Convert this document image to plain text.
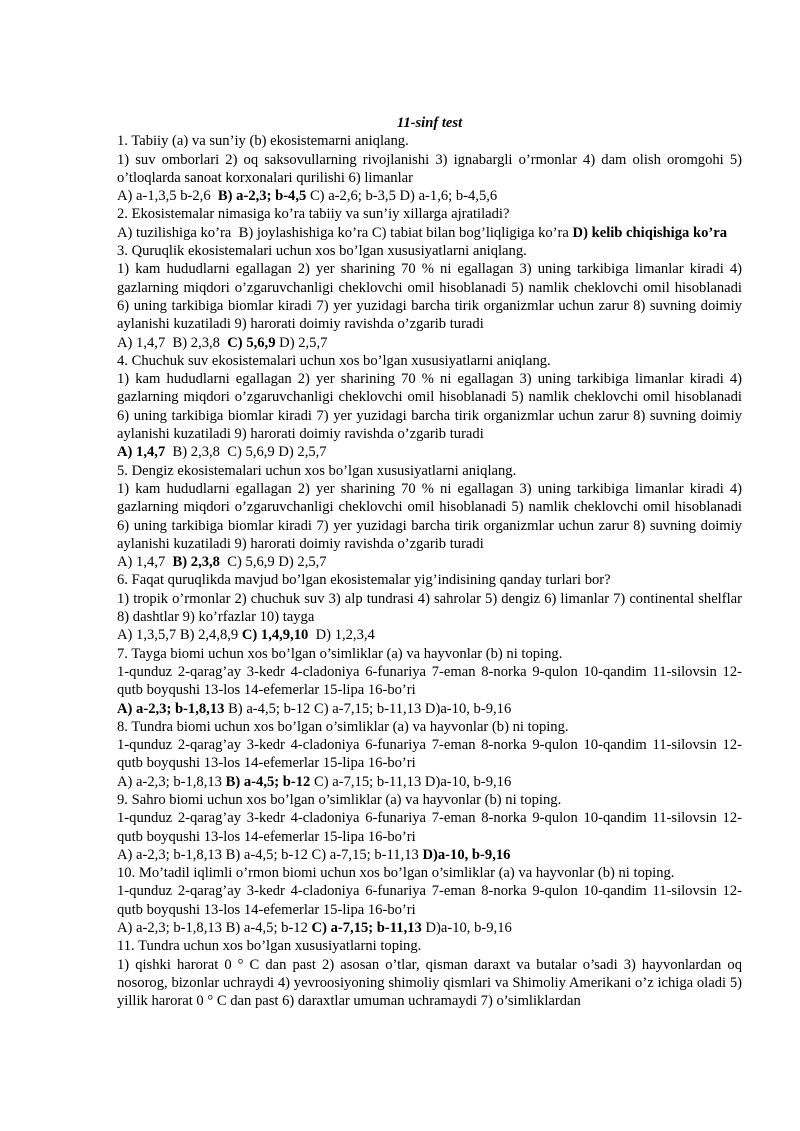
11-sinf test
1. Tabiiy (a) va sun’iy (b) ekosistemarni aniqlang.
1) suv omborlari 2) oq saksovullarning rivojlanishi 3) ignabargli o’rmonlar 4) dam olish oromgohi 5) o’tloqlarda sanoat korxonalari qurilishi 6) limanlar
A) a-1,3,5 b-2,6  B) a-2,3; b-4,5 C) a-2,6; b-3,5 D) a-1,6; b-4,5,6
2. Ekosistemalar nimasiga ko’ra tabiiy va sun’iy xillarga ajratiladi?
A) tuzilishiga ko’ra  B) joylashishiga ko’ra C) tabiat bilan bog’liqligiga ko’ra D) kelib chiqishiga ko’ra
3. Quruqlik ekosistemalari uchun xos bo’lgan xususiyatlarni aniqlang.
1) kam hududlarni egallagan 2) yer sharining 70 % ni egallagan 3) uning tarkibiga limanlar kiradi 4) gazlarning miqdori o’zgaruvchanligi cheklovchi omil hisoblanadi 5) namlik cheklovchi omil hisoblanadi 6) uning tarkibiga biomlar kiradi 7) yer yuzidagi barcha tirik organizmlar uchun zarur 8) suvning doimiy aylanishi kuzatiladi 9) harorati doimiy ravishda o’zgarib turadi
A) 1,4,7  B) 2,3,8  C) 5,6,9 D) 2,5,7
4. Chuchuk suv ekosistemalari uchun xos bo’lgan xususiyatlarni aniqlang.
1) kam hududlarni egallagan 2) yer sharining 70 % ni egallagan 3) uning tarkibiga limanlar kiradi 4) gazlarning miqdori o’zgaruvchanligi cheklovchi omil hisoblanadi 5) namlik cheklovchi omil hisoblanadi 6) uning tarkibiga biomlar kiradi 7) yer yuzidagi barcha tirik organizmlar uchun zarur 8) suvning doimiy aylanishi kuzatiladi 9) harorati doimiy ravishda o’zgarib turadi
A) 1,4,7  B) 2,3,8  C) 5,6,9 D) 2,5,7
5. Dengiz ekosistemalari uchun xos bo’lgan xususiyatlarni aniqlang.
1) kam hududlarni egallagan 2) yer sharining 70 % ni egallagan 3) uning tarkibiga limanlar kiradi 4) gazlarning miqdori o’zgaruvchanligi cheklovchi omil hisoblanadi 5) namlik cheklovchi omil hisoblanadi 6) uning tarkibiga biomlar kiradi 7) yer yuzidagi barcha tirik organizmlar uchun zarur 8) suvning doimiy aylanishi kuzatiladi 9) harorati doimiy ravishda o’zgarib turadi
A) 1,4,7  B) 2,3,8  C) 5,6,9 D) 2,5,7
6. Faqat quruqlikda mavjud bo’lgan ekosistemalar yig’indisining qanday turlari bor?
1) tropik o’rmonlar 2) chuchuk suv 3) alp tundrasi 4) sahrolar 5) dengiz 6) limanlar 7) continental shelflar 8) dashtlar 9) ko’rfazlar 10) tayga
A) 1,3,5,7 B) 2,4,8,9 C) 1,4,9,10  D) 1,2,3,4
7. Tayga biomi uchun xos bo’lgan o’simliklar (a) va hayvonlar (b) ni toping.
1-qunduz 2-qarag’ay 3-kedr 4-cladoniya 6-funariya 7-eman 8-norka 9-qulon 10-qandim 11-silovsin 12-qutb boyqushi 13-los 14-efemerlar 15-lipa 16-bo’ri
A) a-2,3; b-1,8,13 B) a-4,5; b-12 C) a-7,15; b-11,13 D)a-10, b-9,16
8. Tundra biomi uchun xos bo’lgan o’simliklar (a) va hayvonlar (b) ni toping.
1-qunduz 2-qarag’ay 3-kedr 4-cladoniya 6-funariya 7-eman 8-norka 9-qulon 10-qandim 11-silovsin 12-qutb boyqushi 13-los 14-efemerlar 15-lipa 16-bo’ri
A) a-2,3; b-1,8,13 B) a-4,5; b-12 C) a-7,15; b-11,13 D)a-10, b-9,16
9. Sahro biomi uchun xos bo’lgan o’simliklar (a) va hayvonlar (b) ni toping.
1-qunduz 2-qarag’ay 3-kedr 4-cladoniya 6-funariya 7-eman 8-norka 9-qulon 10-qandim 11-silovsin 12-qutb boyqushi 13-los 14-efemerlar 15-lipa 16-bo’ri
A) a-2,3; b-1,8,13 B) a-4,5; b-12 C) a-7,15; b-11,13 D)a-10, b-9,16
10. Mo’tadil iqlimli o’rmon biomi uchun xos bo’lgan o’simliklar (a) va hayvonlar (b) ni toping.
1-qunduz 2-qarag’ay 3-kedr 4-cladoniya 6-funariya 7-eman 8-norka 9-qulon 10-qandim 11-silovsin 12-qutb boyqushi 13-los 14-efemerlar 15-lipa 16-bo’ri
A) a-2,3; b-1,8,13 B) a-4,5; b-12 C) a-7,15; b-11,13 D)a-10, b-9,16
11. Tundra uchun xos bo’lgan xususiyatlarni toping.
1) qishki harorat 0 ° C dan past 2) asosan o’tlar, qisman daraxt va butalar o’sadi 3) hayvonlardan oq nosorog, bizonlar uchraydi 4) yevroosiyoning shimoliy qismlari va Shimoliy Amerikani o’z ichiga oladi 5) yillik harorat 0 ° C dan past 6) daraxtlar umuman uchramaydi 7) o’simliklardan
